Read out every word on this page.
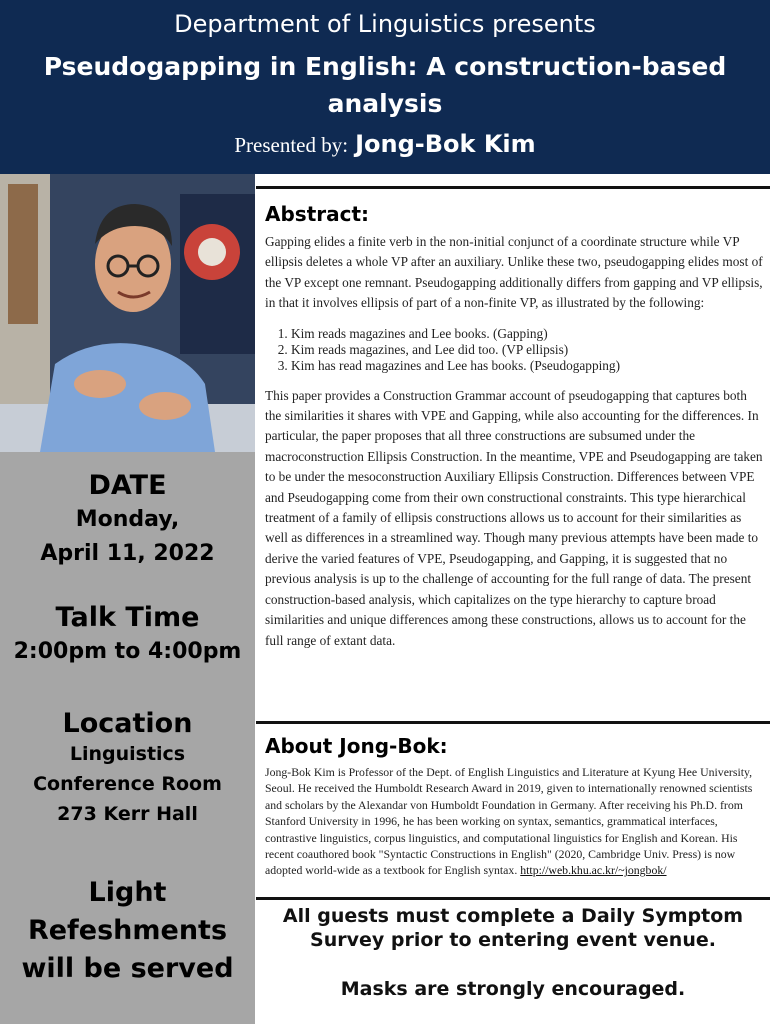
Department of Linguistics presents
Pseudogapping in English: A construction-based analysis
Presented by: Jong-Bok Kim
DATE
Monday,
April 11, 2022
Talk Time
2:00pm to 4:00pm
Location
Linguistics
Conference Room
273 Kerr Hall
Light
Refeshments
will be served
Abstract:

Gapping elides a finite verb in the non-initial conjunct of a coordinate structure while VP ellipsis deletes a whole VP after an auxiliary. Unlike these two, pseudogapping elides most of the VP except one remnant. Pseudogapping additionally differs from gapping and VP ellipsis, in that it involves ellipsis of part of a non-finite VP, as illustrated by the following:

1. Kim reads magazines and Lee books. (Gapping)
2. Kim reads magazines, and Lee did too. (VP ellipsis)
3. Kim has read magazines and Lee has books. (Pseudogapping)

This paper provides a Construction Grammar account of pseudogapping that captures both the similarities it shares with VPE and Gapping, while also accounting for the differences. In particular, the paper proposes that all three constructions are subsumed under the macroconstruction Ellipsis Construction. In the meantime, VPE and Pseudogapping are taken to be under the mesoconstruction Auxiliary Ellipsis Construction. Differences between VPE and Pseudogapping come from their own constructional constraints. This type hierarchical treatment of a family of ellipsis constructions allows us to account for their similarities as well as differences in a streamlined way. Though many previous attempts have been made to derive the varied features of VPE, Pseudogapping, and Gapping, it is suggested that no previous analysis is up to the challenge of accounting for the full range of data. The present construction-based analysis, which capitalizes on the type hierarchy to capture broad similarities and unique differences among these constructions, allows us to account for the full range of extant data.

About Jong-Bok:
Jong-Bok Kim is Professor of the Dept. of English Linguistics and Literature at Kyung Hee University, Seoul. He received the Humboldt Research Award in 2019, given to internationally renowned scientists and scholars by the Alexandar von Humboldt Foundation in Germany. After receiving his Ph.D. from Stanford University in 1996, he has been working on syntax, semantics, grammatical interfaces, contrastive linguistics, corpus linguistics, and computational linguistics for English and Korean. His recent coauthored book "Syntactic Constructions in English" (2020, Cambridge Univ. Press) is now adopted world-wide as a textbook for English syntax. http://web.khu.ac.kr/~jongbok/
All guests must complete a Daily Symptom Survey prior to entering event venue.
Masks are strongly encouraged.
